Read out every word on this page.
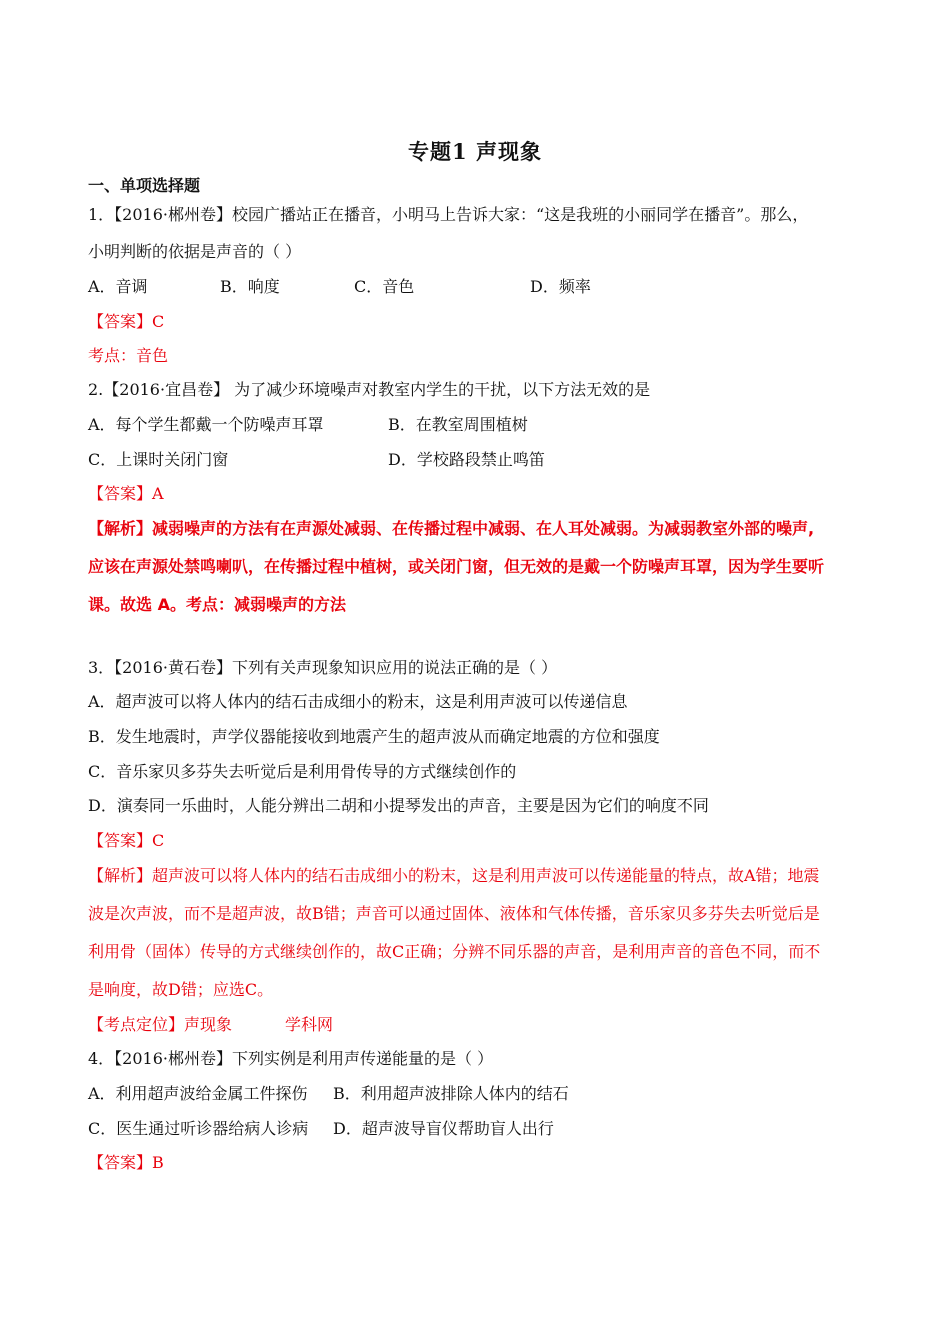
专题1 声现象
一、单项选择题
1．【2016·郴州卷】校园广播站正在播音，小明马上告诉大家：“这是我班的小丽同学在播音”。那么，
小明判断的依据是声音的（ ）
A．音调	B．响度	C．音色	D．频率
【答案】C
考点：音色
2.【2016·宜昌卷】 为了减少环境噪声对教室内学生的干扰，以下方法无效的是
A．每个学生都戴一个防噪声耳罩	B．在教室周围植树
C．上课时关闭门窗	D．学校路段禁止鸣笛
【答案】A
【解析】减弱噪声的方法有在声源处减弱、在传播过程中减弱、在人耳处减弱。为减弱教室外部的噪声,
应该在声源处禁鸣喇叭，在传播过程中植树，或关闭门窗，但无效的是戴一个防噪声耳罩，因为学生要听
课。故选 A。考点：减弱噪声的方法
3．【2016·黄石卷】下列有关声现象知识应用的说法正确的是（ ）
A．超声波可以将人体内的结石击成细小的粉末，这是利用声波可以传递信息
B．发生地震时，声学仪器能接收到地震产生的超声波从而确定地震的方位和强度
C．音乐家贝多芬失去听觉后是利用骨传导的方式继续创作的
D．演奏同一乐曲时，人能分辨出二胡和小提琴发出的声音，主要是因为它们的响度不同
【答案】C
【解析】超声波可以将人体内的结石击成细小的粉末，这是利用声波可以传递能量的特点，故A错；地震
波是次声波，而不是超声波，故B错；声音可以通过固体、液体和气体传播，音乐家贝多芬失去听觉后是
利用骨（固体）传导的方式继续创作的，故C正确；分辨不同乐器的声音，是利用声音的音色不同，而不
是响度，故D错；应选C。
【考点定位】声现象	学科网
4．【2016·郴州卷】下列实例是利用声传递能量的是（ ）
A．利用超声波给金属工件探伤 B．利用超声波排除人体内的结石
C．医生通过听诊器给病人诊病 D．超声波导盲仪帮助盲人出行
【答案】B
